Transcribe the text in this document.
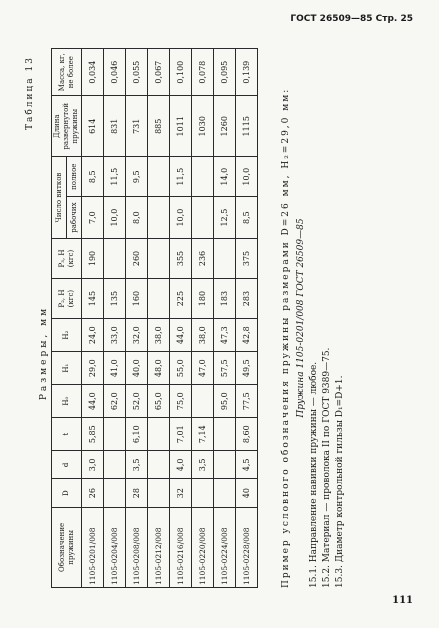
ГОСТ 26509—85 Стр. 25
Таблица 13
Размеры, мм
Обозначение пружины	D	d	t	H₀	H₁	H₂	P₂, Н (кгс)	P₃, Н (кгс)	Число витков		Длина развернутой пружины	Масса, кг, не более
									рабочих	полное		
1105-0201/008	26	3,0	5,85	44,0	29,0	24,0	145	190	7,0	8,5	614	0,034
1105-0204/008				62,0	41,0	33,0	135		10,0	11,5	831	0,046
1105-0208/008	28	3,5	6,10	52,0	40,0	32,0	160	260	8,0	9,5	731	0,055
1105-0212/008				65,0	48,0	38,0					885	0,067
1105-0216/008	32	4,0	7,01	75,0	55,0	44,0	225	355	10,0	11,5	1011	0,100
1105-0220/008		3,5	7,14		47,0	38,0	180	236			1030	0,078
1105-0224/008				95,0	57,5	47,3	183		12,5	14,0	1260	0,095
1105-0228/008	40	4,5	8,60	77,5	49,5	42,8	283	375	8,5	10,0	1115	0,139
Пример условного обозначения пружины размерами D=26 мм, H₂=29,0 мм: Пружина 1105-0201/008 ГОСТ 26509—85

15.1. Направление навивки пружины — любое. 15.2. Материал — проволока II по ГОСТ 9389—75. 15.3. Диаметр контрольной гильзы D₁=D+1.

111
